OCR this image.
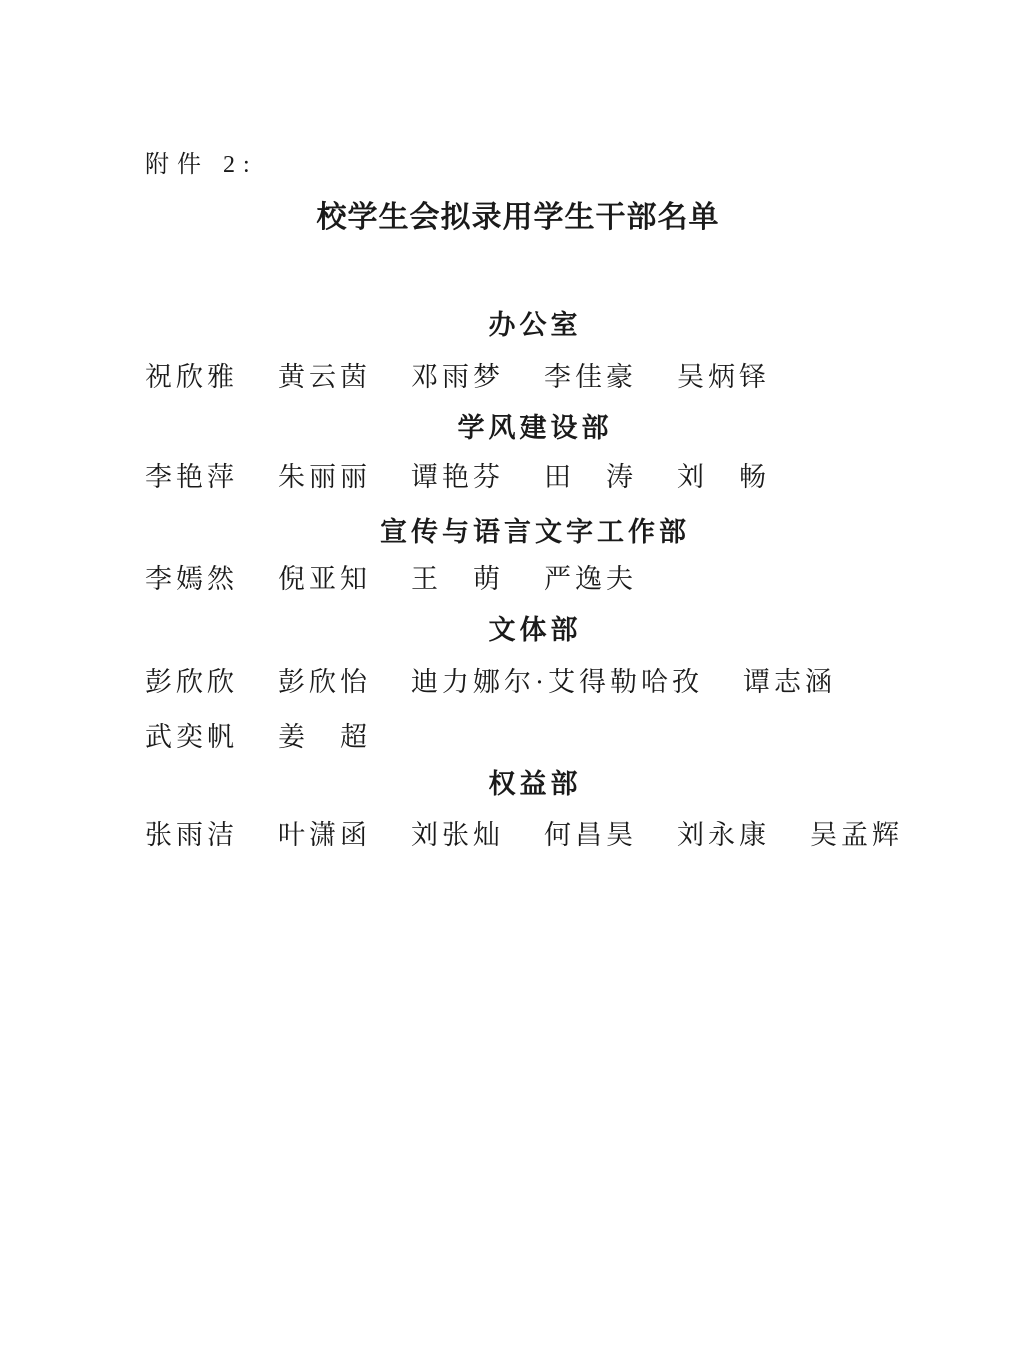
附件 2:
校学生会拟录用学生干部名单
办公室
祝欣雅 黄云茵 邓雨梦 李佳豪 吴炳铎
学风建设部
李艳萍 朱丽丽 谭艳芬 田　涛 刘　畅
宣传与语言文字工作部
李嫣然 倪亚知 王　萌 严逸夫
文体部
彭欣欣 彭欣怡 迪力娜尔·艾得勒哈孜 谭志涵
武奕帆 姜　超
权益部
张雨洁 叶潇函 刘张灿 何昌昊 刘永康 吴孟辉
